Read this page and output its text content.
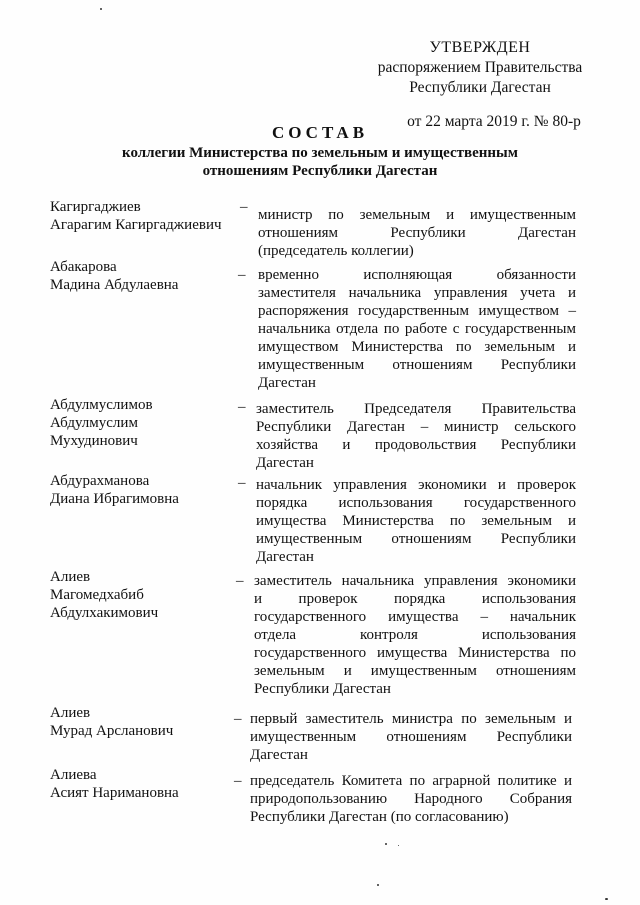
УТВЕРЖДЕН
распоряжением Правительства
Республики Дагестан
от 22 марта 2019 г. № 80-р
СОСТАВ
коллегии Министерства по земельным и имущественным
отношениям Республики Дагестан
Кагиргаджиев
Агарагим Кагиргаджиевич
– министр по земельным и имущественным
отношениям Республики Дагестан
(председатель коллегии)
Абакарова
Мадина Абдулаевна
– временно исполняющая обязанности
заместителя начальника управления учета и
распоряжения государственным имуществом –
начальника отдела по работе с государственным
имуществом Министерства по земельным и
имущественным отношениям Республики
Дагестан
Абдулмуслимов
Абдулмуслим
Мухудинович
– заместитель Председателя Правительства
Республики Дагестан – министр сельского
хозяйства и продовольствия Республики
Дагестан
Абдурахманова
Диана Ибрагимовна
– начальник управления экономики и проверок
порядка использования государственного
имущества Министерства по земельным и
имущественным отношениям Республики
Дагестан
Алиев
Магомедхабиб
Абдулхакимович
– заместитель начальника управления экономики
и проверок порядка использования
государственного имущества – начальник
отдела контроля использования
государственного имущества Министерства по
земельным и имущественным отношениям
Республики Дагестан
Алиев
Мурад Арсланович
– первый заместитель министра по земельным и
имущественным отношениям Республики
Дагестан
Алиева
Асият Наримановна
– председатель Комитета по аграрной политике и
природопользованию Народного Собрания
Республики Дагестан (по согласованию)
